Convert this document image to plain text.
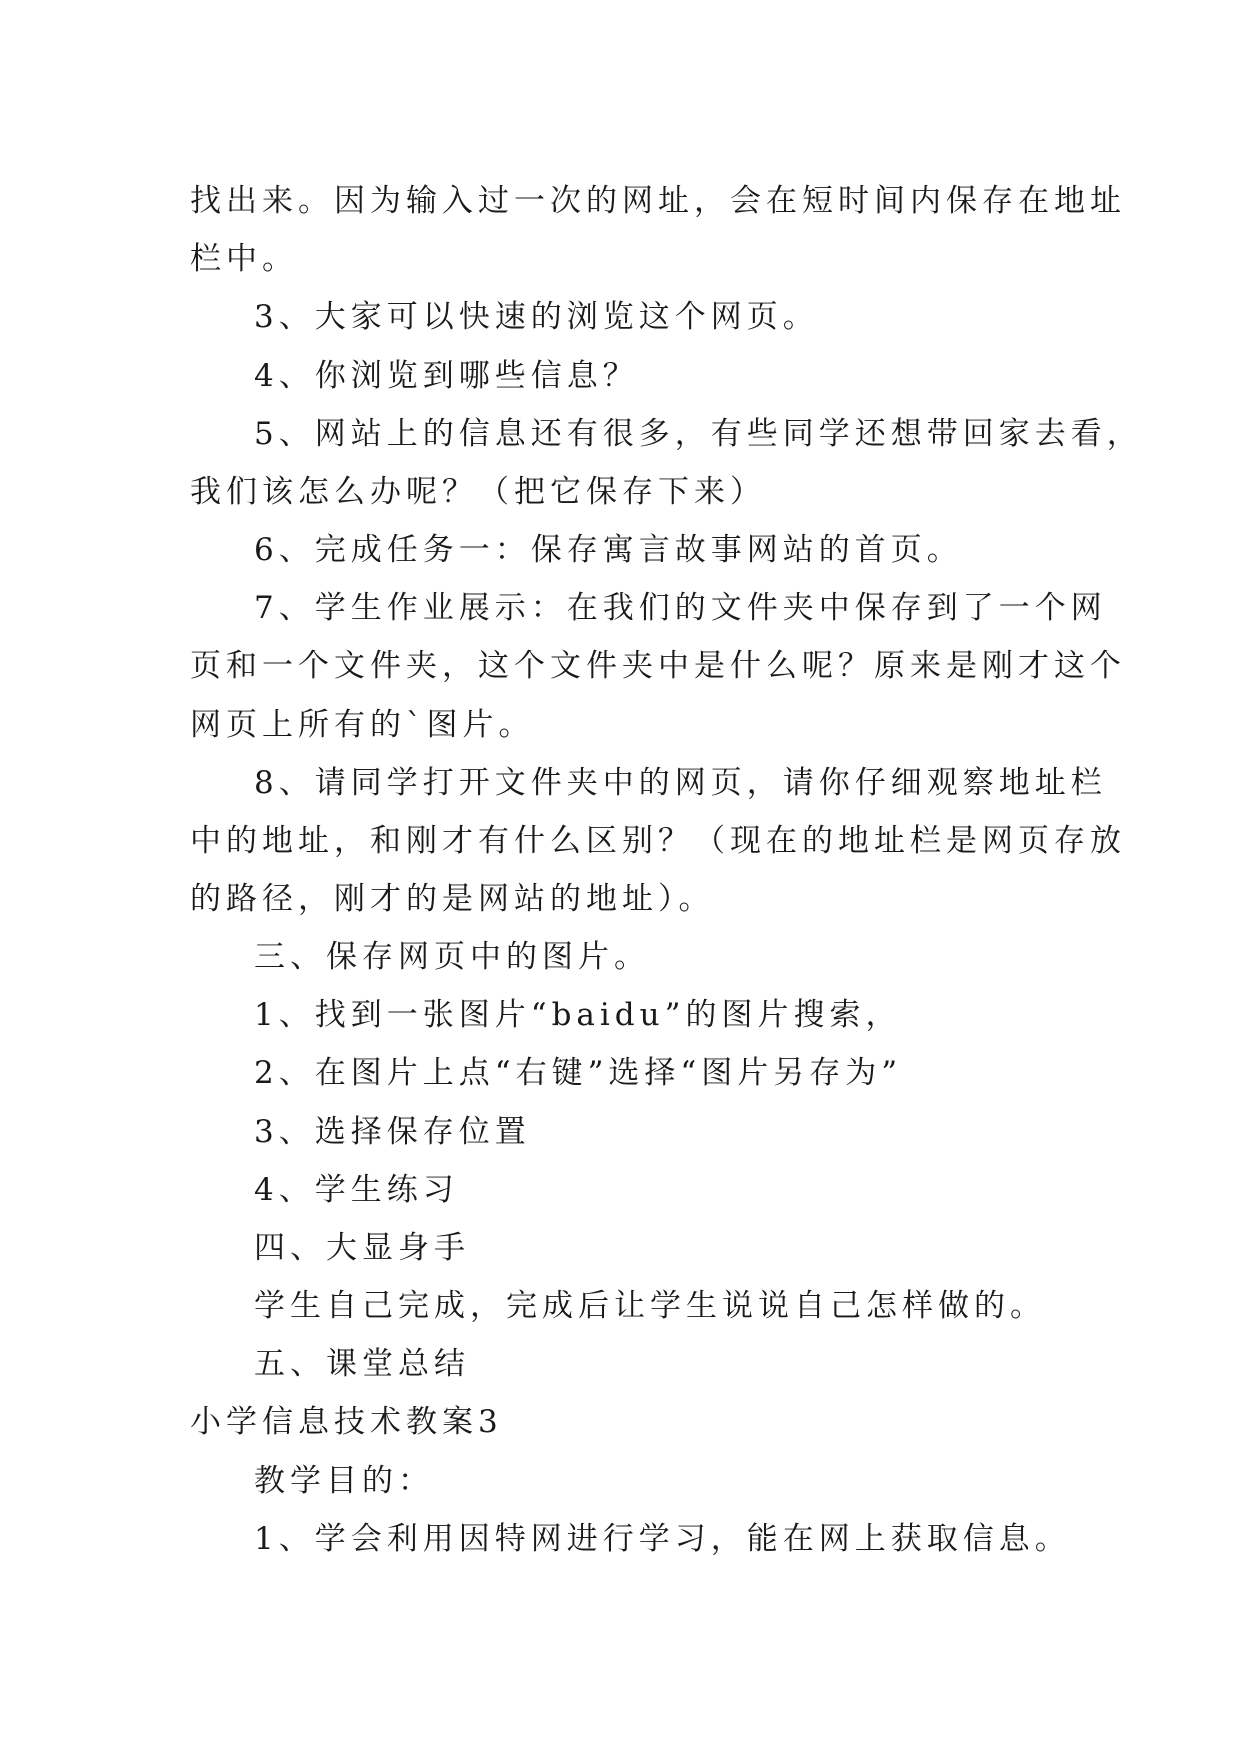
找出来。因为输入过一次的网址，会在短时间内保存在地址

栏中。

3、大家可以快速的浏览这个网页。

4、你浏览到哪些信息？

5、网站上的信息还有很多，有些同学还想带回家去看，

我们该怎么办呢？（把它保存下来）

6、完成任务一：保存寓言故事网站的首页。

7、学生作业展示：在我们的文件夹中保存到了一个网

页和一个文件夹，这个文件夹中是什么呢？原来是刚才这个

网页上所有的`图片。

8、请同学打开文件夹中的网页，请你仔细观察地址栏

中的地址，和刚才有什么区别？（现在的地址栏是网页存放

的路径，刚才的是网站的地址）。

三、保存网页中的图片。

1、找到一张图片“baidu”的图片搜索，

2、在图片上点“右键”选择“图片另存为”

3、选择保存位置

4、学生练习

四、大显身手

学生自己完成，完成后让学生说说自己怎样做的。

五、课堂总结

小学信息技术教案3

教学目的：

1、学会利用因特网进行学习，能在网上获取信息。
